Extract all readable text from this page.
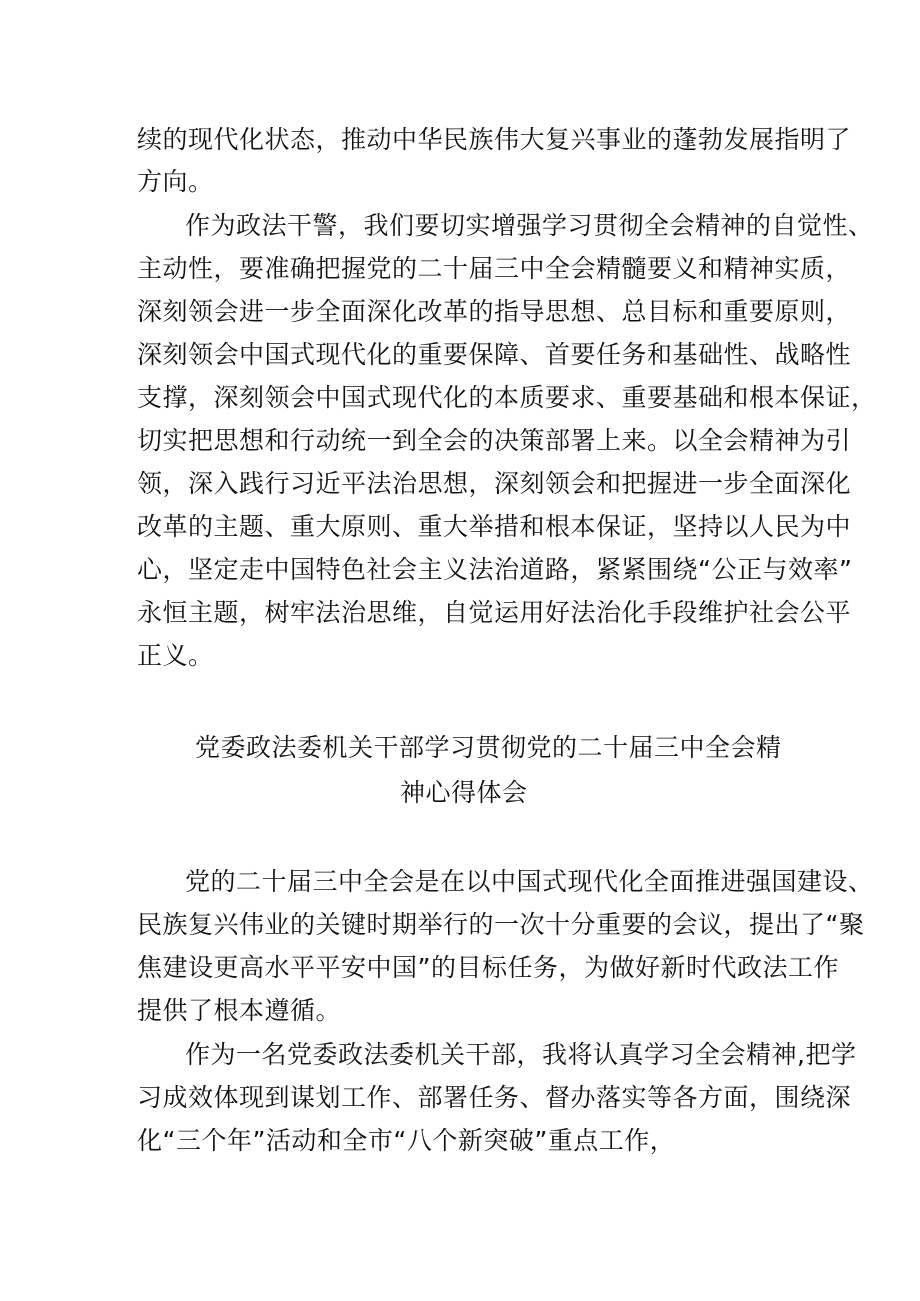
续的现代化状态，推动中华民族伟大复兴事业的蓬勃发展指明了
方向。
作为政法干警，我们要切实增强学习贯彻全会精神的自觉性、
主动性，要准确把握党的二十届三中全会精髓要义和精神实质，
深刻领会进一步全面深化改革的指导思想、总目标和重要原则，
深刻领会中国式现代化的重要保障、首要任务和基础性、战略性
支撑，深刻领会中国式现代化的本质要求、重要基础和根本保证，
切实把思想和行动统一到全会的决策部署上来。以全会精神为引
领，深入践行习近平法治思想，深刻领会和把握进一步全面深化
改革的主题、重大原则、重大举措和根本保证，坚持以人民为中
心，坚定走中国特色社会主义法治道路，紧紧围绕“公正与效率”
永恒主题，树牢法治思维，自觉运用好法治化手段维护社会公平
正义。
党委政法委机关干部学习贯彻党的二十届三中全会精
神心得体会
党的二十届三中全会是在以中国式现代化全面推进强国建设、
民族复兴伟业的关键时期举行的一次十分重要的会议，提出了“聚
焦建设更高水平平安中国”的目标任务，为做好新时代政法工作
提供了根本遵循。
作为一名党委政法委机关干部，我将认真学习全会精神,把学
习成效体现到谋划工作、部署任务、督办落实等各方面，围绕深
化“三个年”活动和全市“八个新突破”重点工作，
